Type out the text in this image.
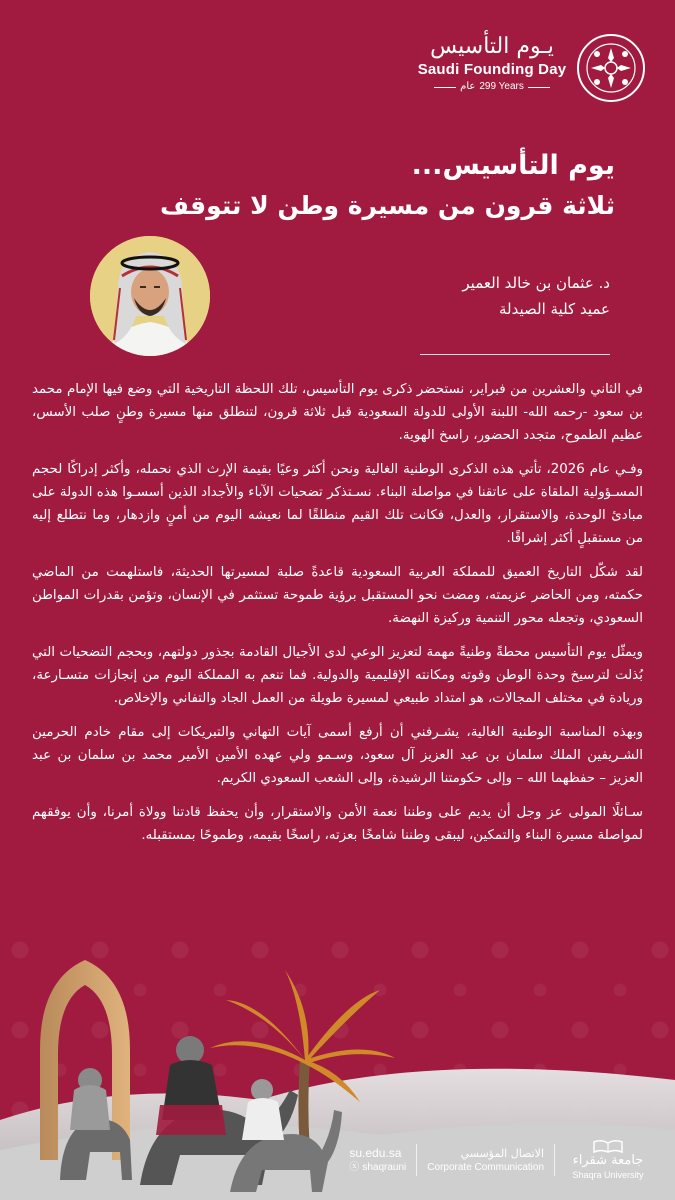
يـوم التأسيس
Saudi Founding Day
عام 299 Years
يوم التأسيس...
ثلاثة قرون من مسيرة وطن لا تتوقف
د. عثمان بن خالد العمير
عميد كلية الصيدلة

في الثاني والعشرين من فبراير، نستحضر ذكرى يوم التأسيس، تلك اللحظة التاريخية التي وضع فيها الإمام محمد بن سعود -رحمه الله- اللبنة الأولى للدولة السعودية قبل ثلاثة قرون، لتنطلق منها مسيرة وطنٍ صلب الأسس، عظيم الطموح، متجدد الحضور، راسخ الهوية.

وفـي عام 2026، تأتي هذه الذكرى الوطنية الغالية ونحن أكثر وعيًا بقيمة الإرث الذي نحمله، وأكثر إدراكًا لحجم المسـؤولية الملقاة على عاتقنا في مواصلة البناء. نسـتذكر تضحيات الآباء والأجداد الذين أسسـوا هذه الدولة على مبادئ الوحدة، والاستقرار، والعدل، فكانت تلك القيم منطلقًا لما نعيشه اليوم من أمنٍ وازدهار، وما نتطلع إليه من مستقبلٍ أكثر إشراقًا.

لقد شكّل التاريخ العميق للمملكة العربية السعودية قاعدةً صلبة لمسيرتها الحديثة، فاستلهمت من الماضي حكمته، ومن الحاضر عزيمته، ومضت نحو المستقبل برؤية طموحة تستثمر في الإنسان، وتؤمن بقدرات المواطن السعودي، وتجعله محور التنمية وركيزة النهضة.

ويمثّل يوم التأسيس محطةً وطنيةً مهمة لتعزيز الوعي لدى الأجيال القادمة بجذور دولتهم، وبحجم التضحيات التي بُذلت لترسيخ وحدة الوطن وقوته ومكانته الإقليمية والدولية. فما تنعم به المملكة اليوم من إنجازات متسـارعة، وريادة في مختلف المجالات، هو امتداد طبيعي لمسيرة طويلة من العمل الجاد والتفاني والإخلاص.

وبهذه المناسبة الوطنية الغالية، يشـرفني أن أرفع أسمى آيات التهاني والتبريكات إلى مقام خادم الحرمين الشـريفين الملك سلمان بن عبد العزيز آل سعود، وسـمو ولي عهده الأمين الأمير محمد بن سلمان بن عبد العزيز – حفظهما الله – وإلى حكومتنا الرشيدة، وإلى الشعب السعودي الكريم.

سـائلًا المولى عز وجل أن يديم على وطننا نعمة الأمن والاستقرار، وأن يحفظ قادتنا وولاة أمرنا، وأن يوفقهم لمواصلة مسيرة البناء والتمكين، ليبقى وطننا شامخًا بعزته، راسخًا بقيمه، وطموحًا بمستقبله.

su.edu.sa
ⓧ shaqrauni
الاتصال المؤسسي
Corporate Communication	جامعة شقراء
Shaqra University
